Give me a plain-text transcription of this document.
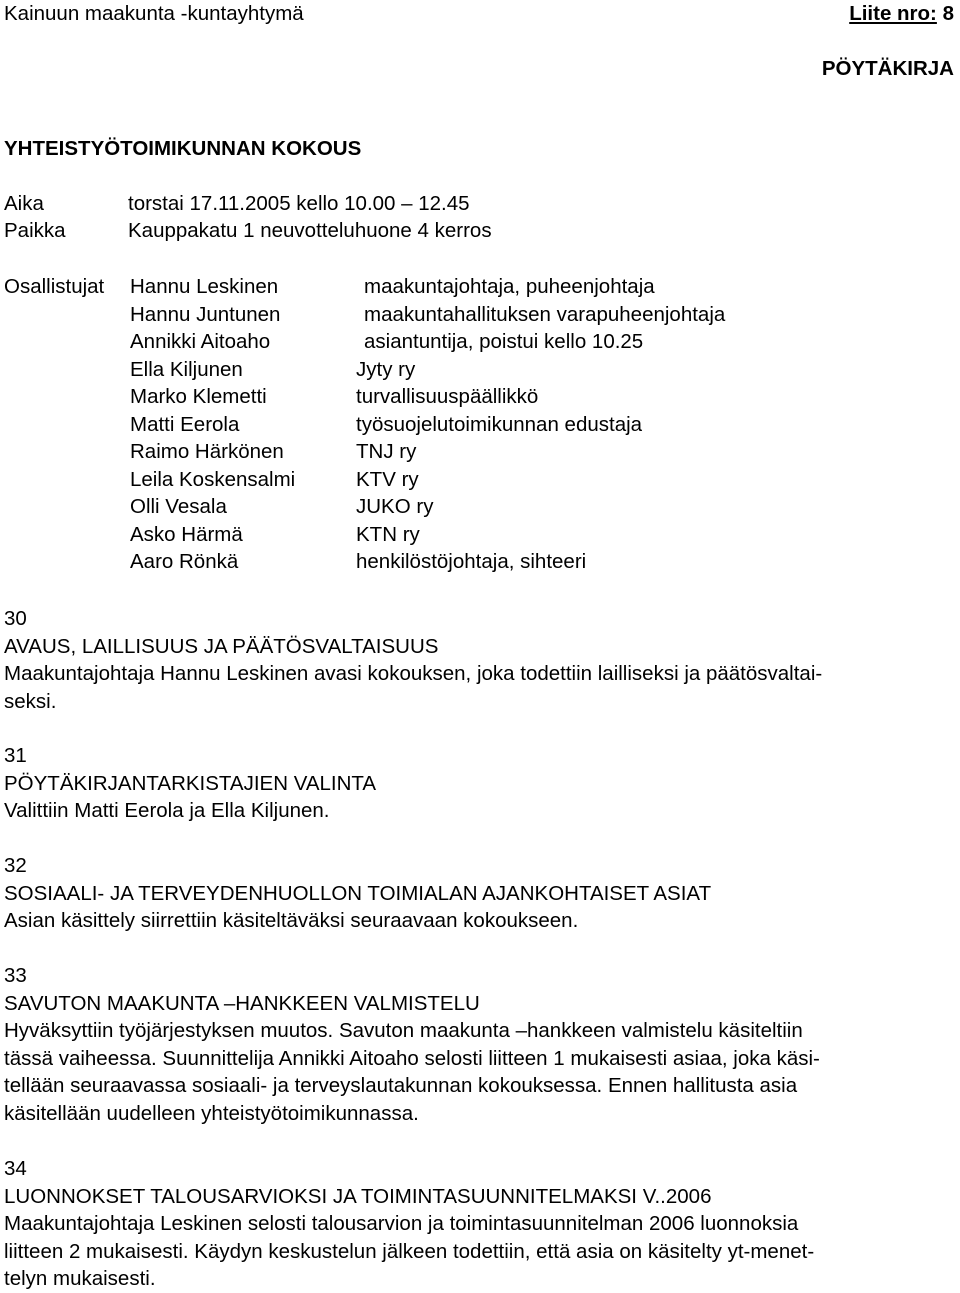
Kainuun maakunta -kuntayhtymä	Liite nro: 8
PÖYTÄKIRJA
YHTEISTYÖTOIMIKUNNAN KOKOUS
Aika	torstai 17.11.2005 kello 10.00 – 12.45
Paikka	Kauppakatu 1 neuvotteluhuone 4 kerros
Osallistujat Hannu Leskinen	maakuntajohtaja, puheenjohtaja
Hannu Juntunen	maakuntahallituksen varapuheenjohtaja
Annikki Aitoaho	asiantuntija, poistui kello 10.25
Ella Kiljunen	Jyty ry
Marko Klemetti	turvallisuuspäällikkö
Matti Eerola	työsuojelutoimikunnan edustaja
Raimo Härkönen	TNJ ry
Leila Koskensalmi	KTV ry
Olli Vesala	JUKO ry
Asko Härmä	KTN ry
Aaro Rönkä	henkilöstöjohtaja, sihteeri

30

AVAUS, LAILLISUUS JA PÄÄTÖSVALTAISUUS

Maakuntajohtaja Hannu Leskinen avasi kokouksen, joka todettiin lailliseksi ja päätösvaltai-

seksi.

31

PÖYTÄKIRJANTARKISTAJIEN VALINTA

Valittiin Matti Eerola ja Ella Kiljunen.

32

SOSIAALI- JA TERVEYDENHUOLLON TOIMIALAN AJANKOHTAISET ASIAT

Asian käsittely siirrettiin käsiteltäväksi seuraavaan kokoukseen.

33

SAVUTON MAAKUNTA –HANKKEEN VALMISTELU

Hyväksyttiin työjärjestyksen muutos. Savuton maakunta –hankkeen valmistelu käsiteltiin

tässä vaiheessa. Suunnittelija Annikki Aitoaho selosti liitteen 1 mukaisesti asiaa, joka käsi-

tellään seuraavassa sosiaali- ja terveyslautakunnan kokouksessa. Ennen hallitusta asia

käsitellään uudelleen yhteistyötoimikunnassa.

34

LUONNOKSET TALOUSARVIOKSI JA TOIMINTASUUNNITELMAKSI V..2006

Maakuntajohtaja Leskinen selosti talousarvion ja toimintasuunnitelman 2006 luonnoksia

liitteen 2 mukaisesti. Käydyn keskustelun jälkeen todettiin, että asia on käsitelty yt-menet-

telyn mukaisesti.
